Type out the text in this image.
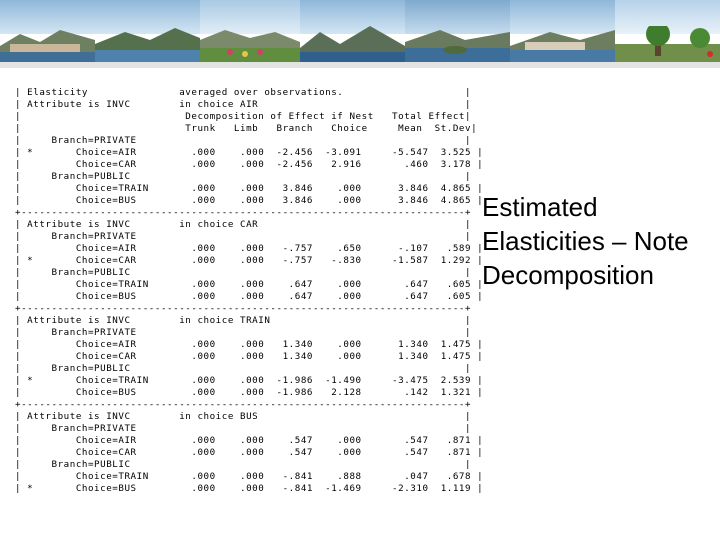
| Elasticity               averaged over observations.                    |
| Attribute is INVC        in choice AIR                                  |
|                           Decomposition of Effect if Nest   Total Effect|
|                           Trunk   Limb   Branch   Choice     Mean  St.Dev|
|     Branch=PRIVATE                                                      |
| *       Choice=AIR         .000    .000  -2.456  -3.091     -5.547  3.525 |
|         Choice=CAR         .000    .000  -2.456   2.916       .460  3.178 |
|     Branch=PUBLIC                                                       |
|         Choice=TRAIN       .000    .000   3.846    .000      3.846  4.865 |
|         Choice=BUS         .000    .000   3.846    .000      3.846  4.865 |
+-------------------------------------------------------------------------+
| Attribute is INVC        in choice CAR                                  |
|     Branch=PRIVATE                                                      |
|         Choice=AIR         .000    .000   -.757    .650      -.107   .589 |
| *       Choice=CAR         .000    .000   -.757   -.830     -1.587  1.292 |
|     Branch=PUBLIC                                                       |
|         Choice=TRAIN       .000    .000    .647    .000       .647   .605 |
|         Choice=BUS         .000    .000    .647    .000       .647   .605 |
+-------------------------------------------------------------------------+
| Attribute is INVC        in choice TRAIN                                |
|     Branch=PRIVATE                                                      |
|         Choice=AIR         .000    .000   1.340    .000      1.340  1.475 |
|         Choice=CAR         .000    .000   1.340    .000      1.340  1.475 |
|     Branch=PUBLIC                                                       |
| *       Choice=TRAIN       .000    .000  -1.986  -1.490     -3.475  2.539 |
|         Choice=BUS         .000    .000  -1.986   2.128       .142  1.321 |
+-------------------------------------------------------------------------+
| Attribute is INVC        in choice BUS                                  |
|     Branch=PRIVATE                                                      |
|         Choice=AIR         .000    .000    .547    .000       .547   .871 |
|         Choice=CAR         .000    .000    .547    .000       .547   .871 |
|     Branch=PUBLIC                                                       |
|         Choice=TRAIN       .000    .000   -.841    .888       .047   .678 |
| *       Choice=BUS         .000    .000   -.841  -1.469     -2.310  1.119 |

Estimated Elasticities – Note Decomposition
